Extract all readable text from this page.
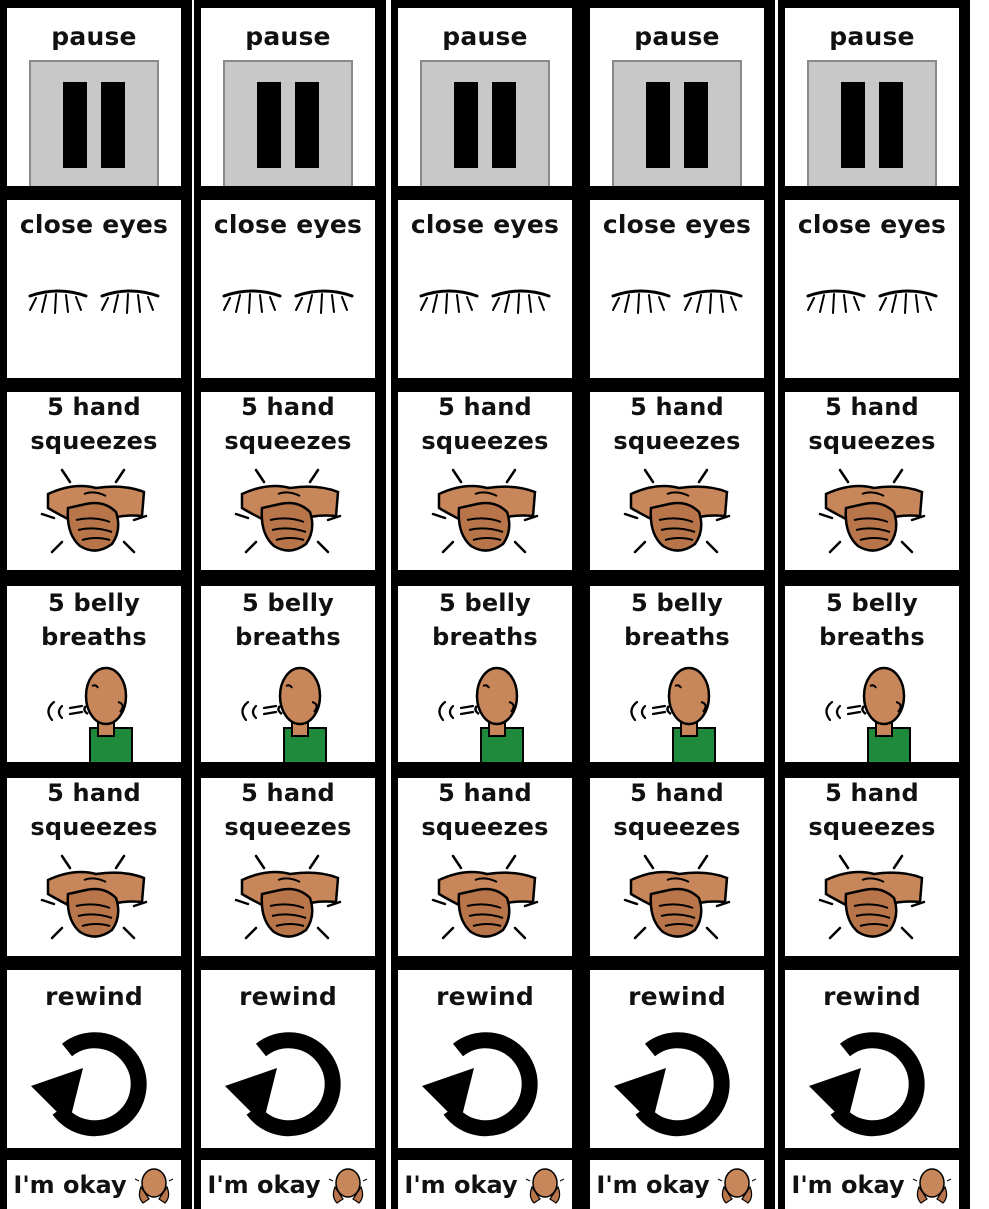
pause
close eyes
5 hand
squeezes
5 belly
breaths
5 hand
squeezes
rewind
I'm okay
pause
close eyes
5 hand
squeezes
5 belly
breaths
5 hand
squeezes
rewind
I'm okay
pause
close eyes
5 hand
squeezes
5 belly
breaths
5 hand
squeezes
rewind
I'm okay
pause
close eyes
5 hand
squeezes
5 belly
breaths
5 hand
squeezes
rewind
I'm okay
pause
close eyes
5 hand
squeezes
5 belly
breaths
5 hand
squeezes
rewind
I'm okay
